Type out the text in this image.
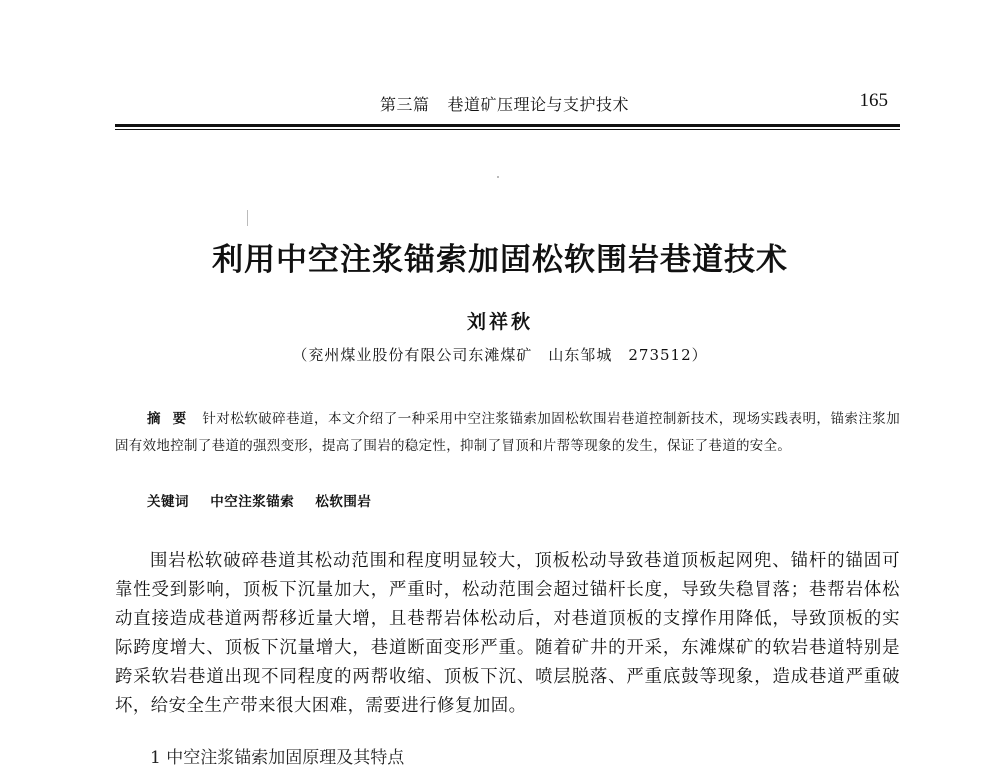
第三篇 巷道矿压理论与支护技术	165
利用中空注浆锚索加固松软围岩巷道技术
刘祥秋
（兖州煤业股份有限公司东滩煤矿　山东邹城　273512）

摘要 针对松软破碎巷道，本文介绍了一种采用中空注浆锚索加固松软围岩巷道控制新技术，现场实践表明，锚索注浆加固有效地控制了巷道的强烈变形，提高了围岩的稳定性，抑制了冒顶和片帮等现象的发生，保证了巷道的安全。

关键词 中空注浆锚索 松软围岩

围岩松软破碎巷道其松动范围和程度明显较大，顶板松动导致巷道顶板起网兜、锚杆的锚固可靠性受到影响，顶板下沉量加大，严重时，松动范围会超过锚杆长度，导致失稳冒落；巷帮岩体松动直接造成巷道两帮移近量大增，且巷帮岩体松动后，对巷道顶板的支撑作用降低，导致顶板的实际跨度增大、顶板下沉量增大，巷道断面变形严重。随着矿井的开采，东滩煤矿的软岩巷道特别是跨采软岩巷道出现不同程度的两帮收缩、顶板下沉、喷层脱落、严重底鼓等现象，造成巷道严重破坏，给安全生产带来很大困难，需要进行修复加固。

1 中空注浆锚索加固原理及其特点
